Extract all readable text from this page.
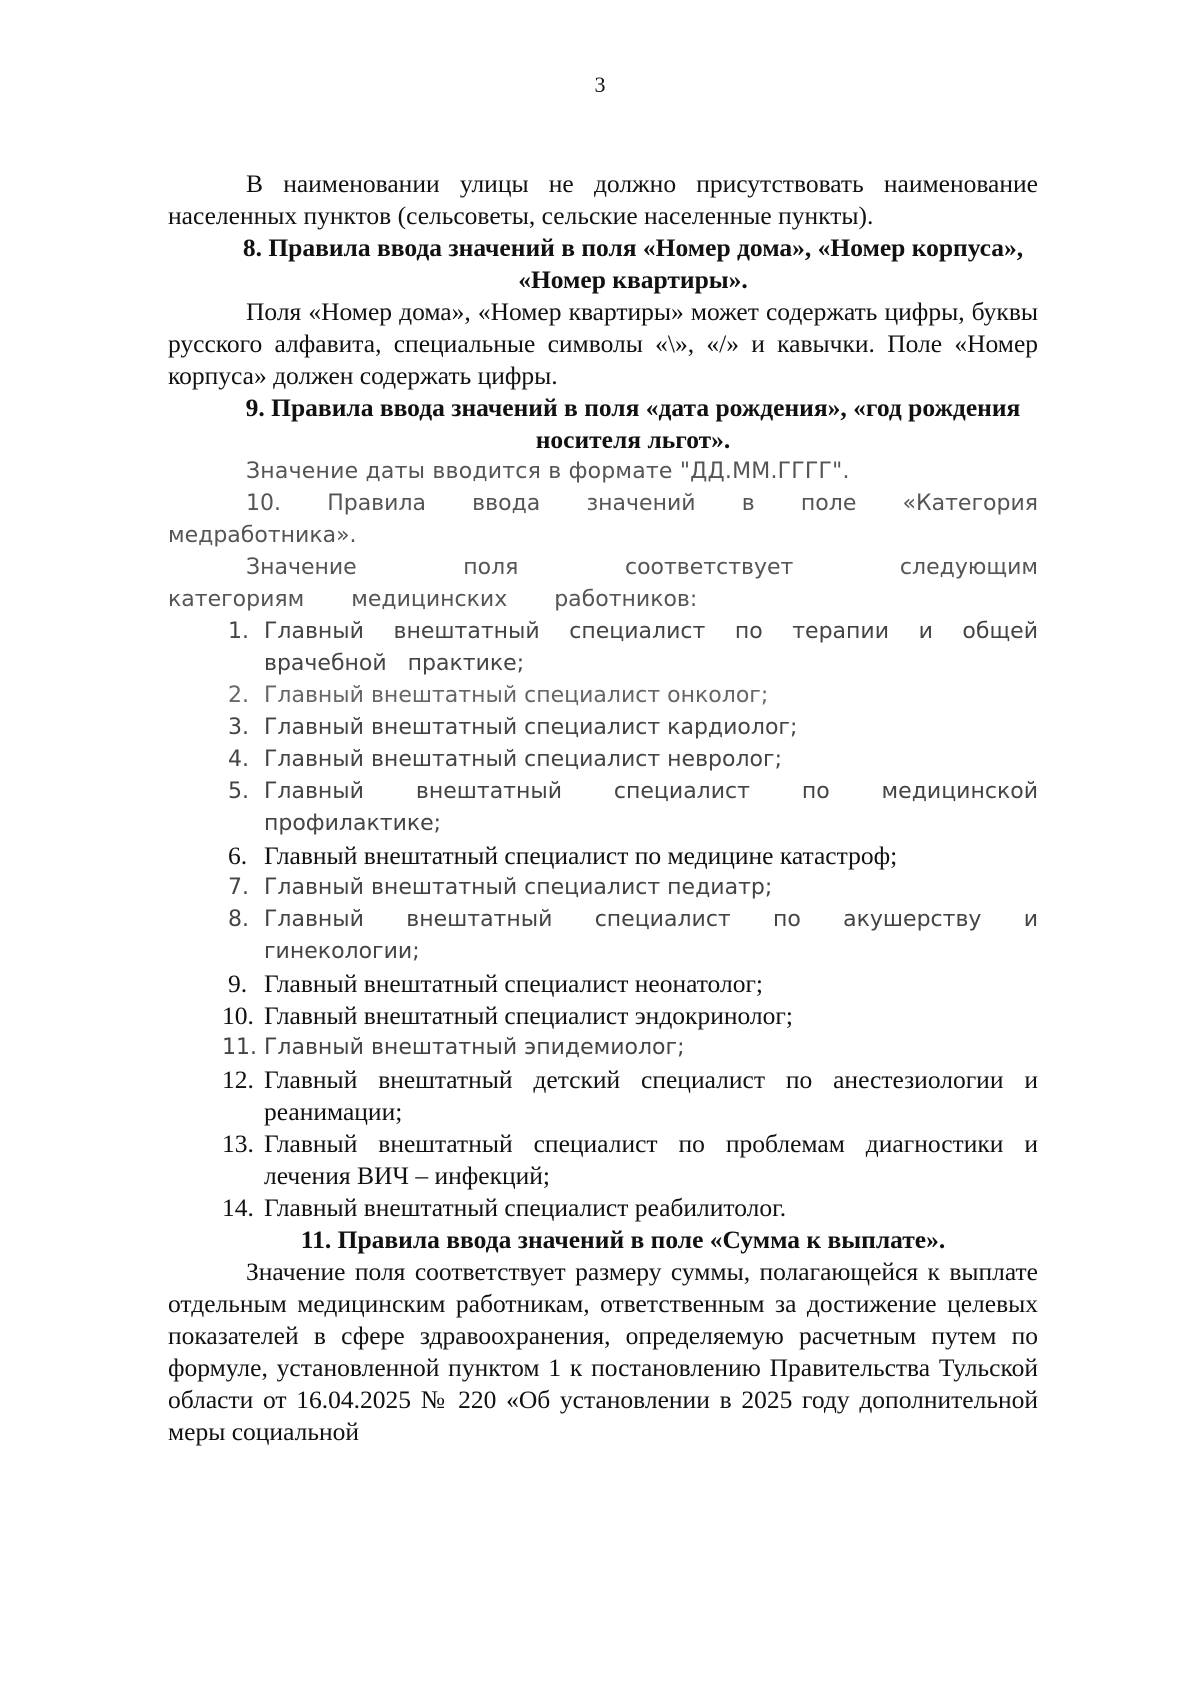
3

В наименовании улицы не должно присутствовать наименование населенных пунктов (сельсоветы, сельские населенные пункты).

8. Правила ввода значений в поля «Номер дома», «Номер корпуса», «Номер квартиры».

Поля «Номер дома», «Номер квартиры» может содержать цифры, буквы русского алфавита, специальные символы «\», «/» и кавычки. Поле «Номер корпуса» должен содержать цифры.

9. Правила ввода значений в поля «дата рождения», «год рождения носителя льгот».

Значение даты вводится в формате "ДД.ММ.ГГГГ".

10. Правила ввода значений в поле «Категория медработника».

Значение поля соответствует следующим категориям медицинских работников:

1. Главный внештатный специалист по терапии и общей врачебной практике;
2. Главный внештатный специалист онколог;
3. Главный внештатный специалист кардиолог;
4. Главный внештатный специалист невролог;
5. Главный внештатный специалист по медицинской профилактике;
6. Главный внештатный специалист по медицине катастроф;
7. Главный внештатный специалист педиатр;
8. Главный внештатный специалист по акушерству и гинекологии;
9. Главный внештатный специалист неонатолог;
10. Главный внештатный специалист эндокринолог;
11. Главный внештатный эпидемиолог;
12. Главный внештатный детский специалист по анестезиологии и реанимации;
13. Главный внештатный специалист по проблемам диагностики и лечения ВИЧ – инфекций;
14. Главный внештатный специалист реабилитолог.
11. Правила ввода значений в поле «Сумма к выплате».

Значение поля соответствует размеру суммы, полагающейся к выплате отдельным медицинским работникам, ответственным за достижение целевых показателей в сфере здравоохранения, определяемую расчетным путем по формуле, установленной пунктом 1 к постановлению Правительства Тульской области от 16.04.2025 № 220 «Об установлении в 2025 году дополнительной меры социальной
